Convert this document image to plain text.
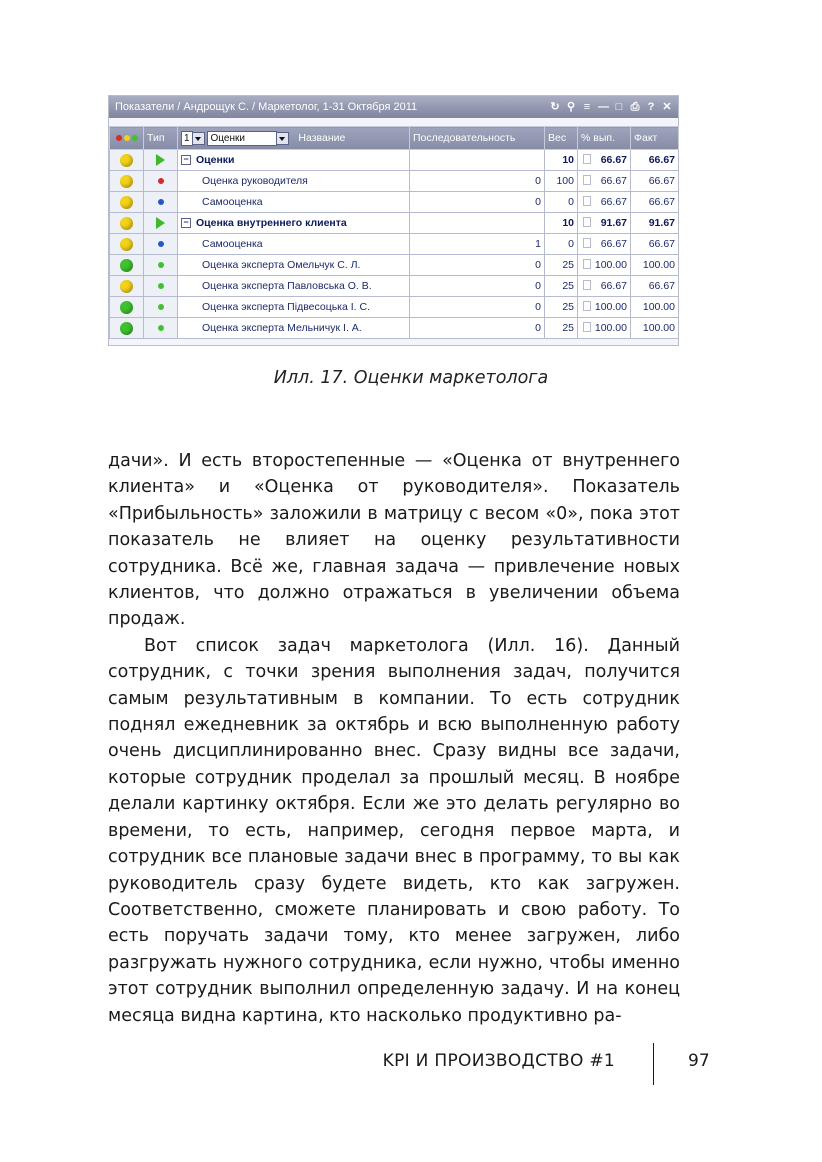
Показатели / Андрощук С. / Маркетолог, 1-31 Октября 2011	↻ ⚲ ≡ — □ ⎙ ? ✕
	Тип	1 Оценки Название	Последовательность	Вес	% вып.	Факт
		− Оценки		10	66.67	66.67
		Оценка руководителя	0	100	66.67	66.67
		Самооценка	0	0	66.67	66.67
		− Оценка внутреннего клиента		10	91.67	91.67
		Самооценка	1	0	66.67	66.67
		Оценка эксперта Омельчук С. Л.	0	25	100.00	100.00
		Оценка эксперта Павловська О. В.	0	25	66.67	66.67
		Оценка эксперта Підвесоцька І. С.	0	25	100.00	100.00
		Оценка эксперта Мельничук І. А.	0	25	100.00	100.00
Илл. 17. Оценки маркетолога

дачи». И есть второстепенные — «Оценка от внутреннего клиента» и «Оценка от руководителя». Показатель «Прибыльность» заложили в матрицу с весом «0», пока этот показатель не влияет на оценку результативности сотрудника. Всё же, главная задача — привлечение новых клиентов, что должно отражаться в увеличении объема продаж.

Вот список задач маркетолога (Илл. 16). Данный сотрудник, с точки зрения выполнения задач, получится самым результативным в компании. То есть сотрудник поднял ежедневник за октябрь и всю выполненную работу очень дисциплинированно внес. Сразу видны все задачи, которые сотрудник проделал за прошлый месяц. В ноябре делали картинку октября. Если же это делать регулярно во времени, то есть, например, сегодня первое марта, и сотрудник все плановые задачи внес в программу, то вы как руководитель сразу будете видеть, кто как загружен. Соответственно, сможете планировать и свою работу. То есть поручать задачи тому, кто менее загружен, либо разгружать нужного сотрудника, если нужно, чтобы именно этот сотрудник выполнил определенную задачу. И на конец месяца видна картина, кто насколько продуктивно ра-

KPI И ПРОИЗВОДСТВО #1	97
